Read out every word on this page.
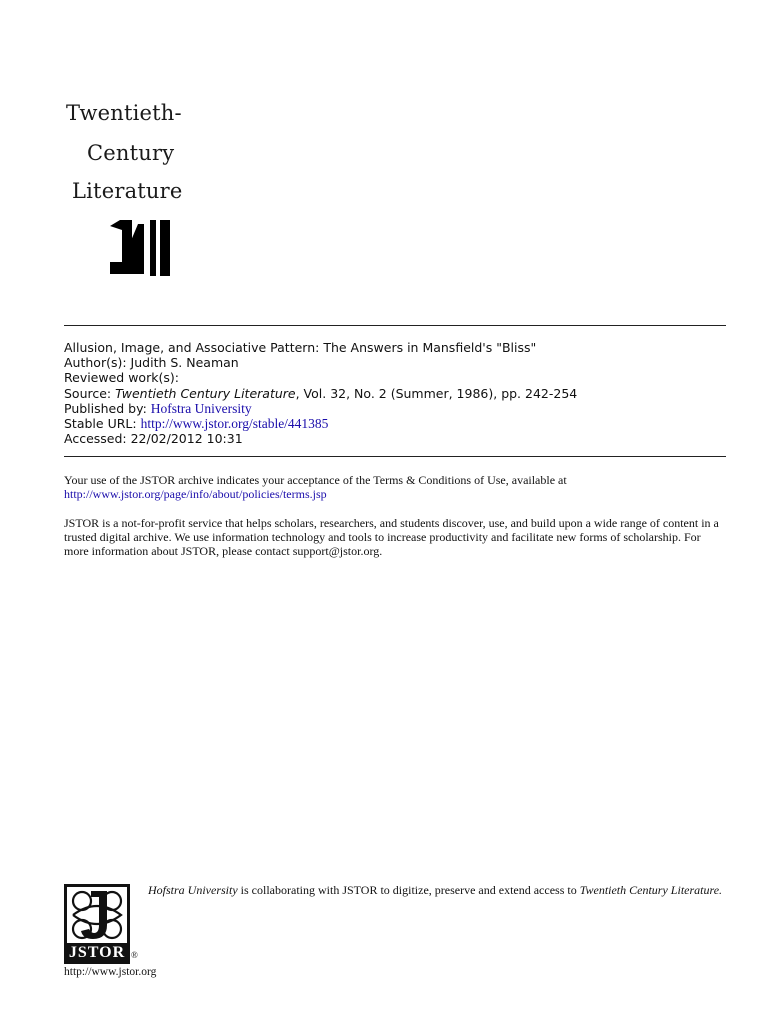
Twentieth-
Century
Literature
Allusion, Image, and Associative Pattern: The Answers in Mansfield's "Bliss"
Author(s): Judith S. Neaman
Reviewed work(s):
Source: Twentieth Century Literature, Vol. 32, No. 2 (Summer, 1986), pp. 242-254
Published by: Hofstra University
Stable URL: http://www.jstor.org/stable/441385
Accessed: 22/02/2012 10:31
Your use of the JSTOR archive indicates your acceptance of the Terms & Conditions of Use, available at
http://www.jstor.org/page/info/about/policies/terms.jsp
JSTOR is a not-for-profit service that helps scholars, researchers, and students discover, use, and build upon a wide range of content in a trusted digital archive. We use information technology and tools to increase productivity and facilitate new forms of scholarship. For more information about JSTOR, please contact support@jstor.org.
JSTOR ®
Hofstra University is collaborating with JSTOR to digitize, preserve and extend access to Twentieth Century Literature.
http://www.jstor.org
